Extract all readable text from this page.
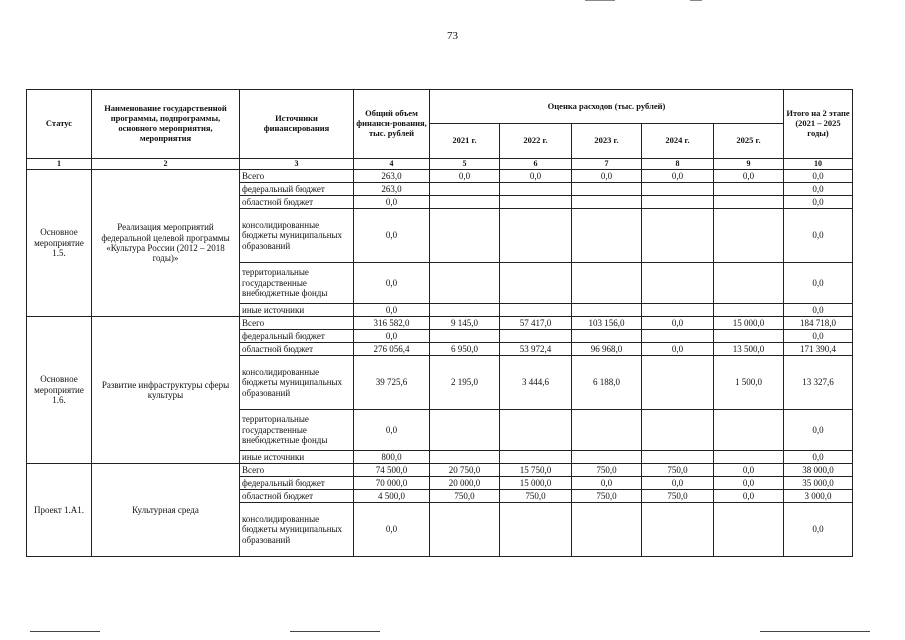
73
Статус	Наименование государственной программы, подпрограммы, основного мероприятия, мероприятия	Источники финансирования	Общий объем финанси-рования, тыс. рублей	Оценка расходов (тыс. рублей)					Итого на 2 этапе (2021 – 2025 годы)
				2021 г.	2022 г.	2023 г.	2024 г.	2025 г.	
1	2	3	4	5	6	7	8	9	10
Основное мероприятие 1.5.	Реализация мероприятий федеральной целевой программы «Культура России (2012 – 2018 годы)»	Всего	263,0	0,0	0,0	0,0	0,0	0,0	0,0
		федеральный бюджет	263,0						0,0
		областной бюджет	0,0						0,0
		консолидированные бюджеты муниципальных образований	0,0						0,0
		территориальные государственные внебюджетные фонды	0,0						0,0
		иные источники	0,0						0,0
Основное мероприятие 1.6.	Развитие инфраструктуры сферы культуры	Всего	316 582,0	9 145,0	57 417,0	103 156,0	0,0	15 000,0	184 718,0
		федеральный бюджет	0,0						0,0
		областной бюджет	276 056,4	6 950,0	53 972,4	96 968,0	0,0	13 500,0	171 390,4
		консолидированные бюджеты муниципальных образований	39 725,6	2 195,0	3 444,6	6 188,0		1 500,0	13 327,6
		территориальные государственные внебюджетные фонды	0,0						0,0
		иные источники	800,0						0,0
Проект 1.А1.	Культурная среда	Всего	74 500,0	20 750,0	15 750,0	750,0	750,0	0,0	38 000,0
		федеральный бюджет	70 000,0	20 000,0	15 000,0	0,0	0,0	0,0	35 000,0
		областной бюджет	4 500,0	750,0	750,0	750,0	750,0	0,0	3 000,0
		консолидированные бюджеты муниципальных образований	0,0						0,0
